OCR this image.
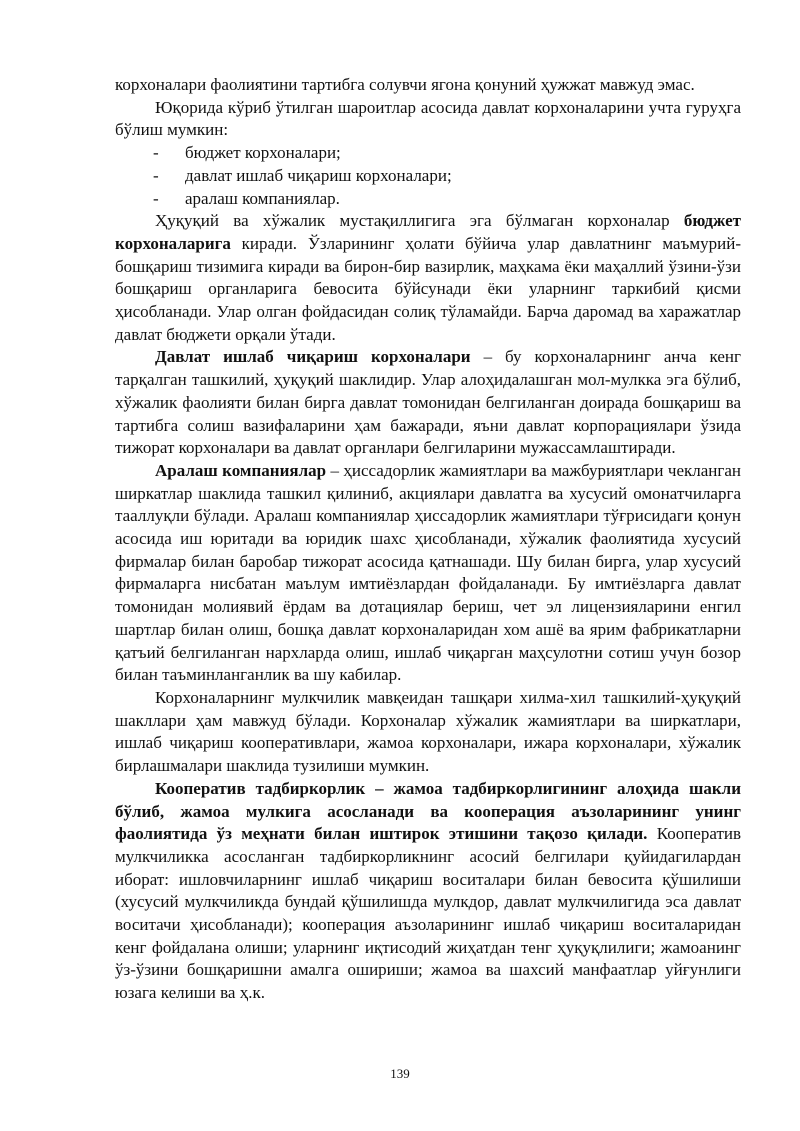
корхоналари фаолиятини тартибга солувчи ягона қонуний ҳужжат мавжуд эмас.

Юқорида кўриб ўтилган шароитлар асосида давлат корхоналарини учта гуруҳга бўлиш мумкин:

- бюджет корхоналари;
- давлат ишлаб чиқариш корхоналари;
- аралаш компаниялар.

Ҳуқуқий ва хўжалик мустақиллигига эга бўлмаган корхоналар бюджет корхоналарига киради. Ўзларининг ҳолати бўйича улар давлатнинг маъмурий-бошқариш тизимига киради ва бирон-бир вазирлик, маҳкама ёки маҳаллий ўзини-ўзи бошқариш органларига бевосита бўйсунади ёки уларнинг таркибий қисми ҳисобланади. Улар олган фойдасидан солиқ тўламайди. Барча даромад ва харажатлар давлат бюджети орқали ўтади.

Давлат ишлаб чиқариш корхоналари – бу корхоналарнинг анча кенг тарқалган ташкилий, ҳуқуқий шаклидир. Улар алоҳидалашган мол-мулкка эга бўлиб, хўжалик фаолияти билан бирга давлат томонидан белгиланган доирада бошқариш ва тартибга солиш вазифаларини ҳам бажаради, яъни давлат корпорациялари ўзида тижорат корхоналари ва давлат органлари белгиларини мужассамлаштиради.

Аралаш компаниялар – ҳиссадорлик жамиятлари ва мажбуриятлари чекланган ширкатлар шаклида ташкил қилиниб, акциялари давлатга ва хусусий омонатчиларга тааллуқли бўлади. Аралаш компаниялар ҳиссадорлик жамиятлари тўғрисидаги қонун асосида иш юритади ва юридик шахс ҳисобланади, хўжалик фаолиятида хусусий фирмалар билан баробар тижорат асосида қатнашади. Шу билан бирга, улар хусусий фирмаларга нисбатан маълум имтиёзлардан фойдаланади. Бу имтиёзларга давлат томонидан молиявий ёрдам ва дотациялар бериш, чет эл лицензияларини енгил шартлар билан олиш, бошқа давлат корхоналаридан хом ашё ва ярим фабрикатларни қатъий белгиланган нархларда олиш, ишлаб чиқарган маҳсулотни сотиш учун бозор билан таъминланганлик ва шу кабилар.

Корхоналарнинг мулкчилик мавқеидан ташқари хилма-хил ташкилий-ҳуқуқий шакллари ҳам мавжуд бўлади. Корхоналар хўжалик жамиятлари ва ширкатлари, ишлаб чиқариш кооперативлари, жамоа корхоналари, ижара корхоналари, хўжалик бирлашмалари шаклида тузилиши мумкин.

Кооператив тадбиркорлик – жамоа тадбиркорлигининг алоҳида шакли бўлиб, жамоа мулкига асосланади ва кооперация аъзоларининг унинг фаолиятида ўз меҳнати билан иштирок этишини тақозо қилади. Кооператив мулкчиликка асосланган тадбиркорликнинг асосий белгилари қуйидагилардан иборат: ишловчиларнинг ишлаб чиқариш воситалари билан бевосита қўшилиши (хусусий мулкчиликда бундай қўшилишда мулкдор, давлат мулкчилигида эса давлат воситачи ҳисобланади); кооперация аъзоларининг ишлаб чиқариш воситаларидан кенг фойдалана олиши; уларнинг иқтисодий жиҳатдан тенг ҳуқуқлилиги; жамоанинг ўз-ўзини бошқаришни амалга ошириши; жамоа ва шахсий манфаатлар уйғунлиги юзага келиши ва ҳ.к.

139
